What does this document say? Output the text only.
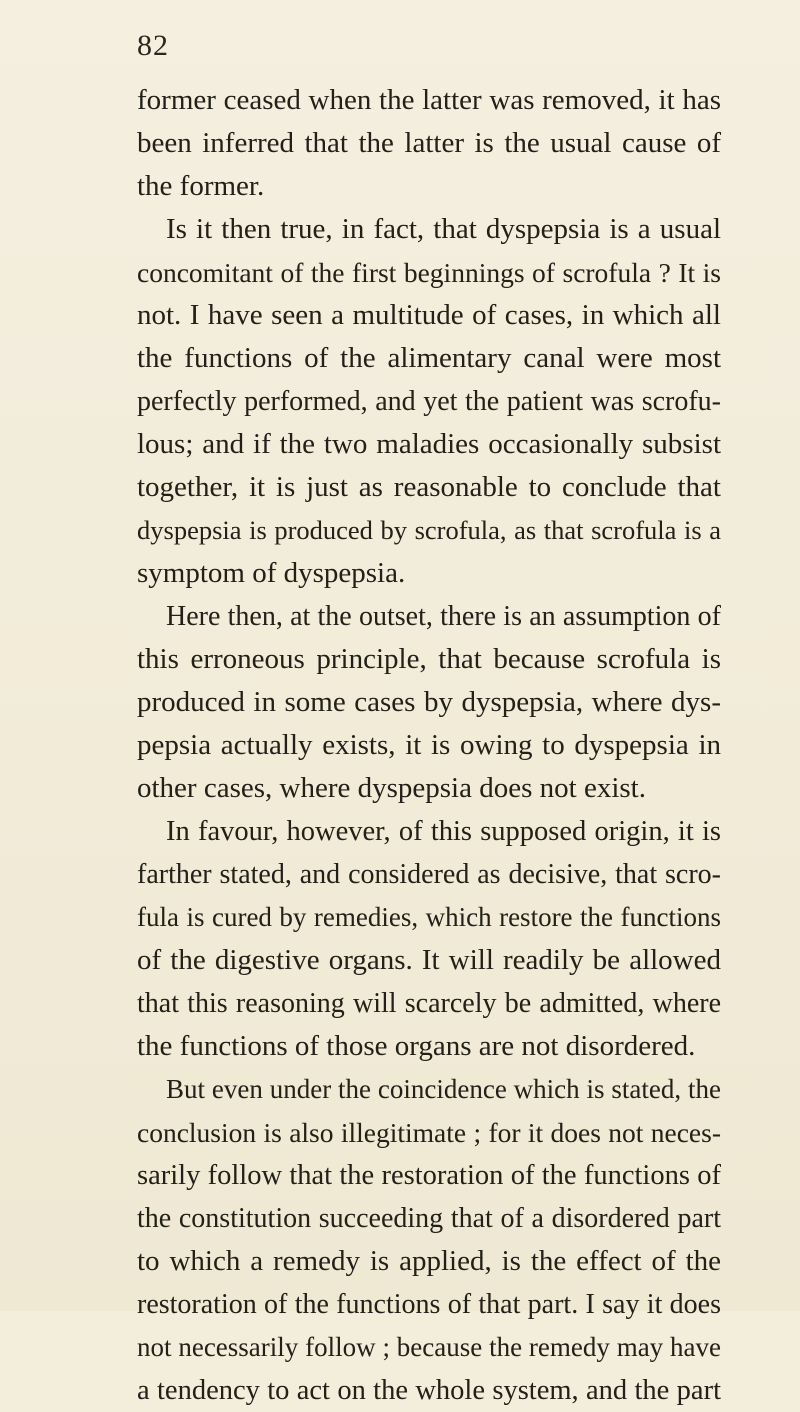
82
former ceased when the latter was removed, it has
been inferred that the latter is the usual cause of
the former.
Is it then true, in fact, that dyspepsia is a usual
concomitant of the first beginnings of scrofula ? It is
not. I have seen a multitude of cases, in which all
the functions of the alimentary canal were most
perfectly performed, and yet the patient was scrofu-
lous; and if the two maladies occasionally subsist
together, it is just as reasonable to conclude that
dyspepsia is produced by scrofula, as that scrofula is a
symptom of dyspepsia.
Here then, at the outset, there is an assumption of
this erroneous principle, that because scrofula is
produced in some cases by dyspepsia, where dys-
pepsia actually exists, it is owing to dyspepsia in
other cases, where dyspepsia does not exist.
In favour, however, of this supposed origin, it is
farther stated, and considered as decisive, that scro-
fula is cured by remedies, which restore the functions
of the digestive organs. It will readily be allowed
that this reasoning will scarcely be admitted, where
the functions of those organs are not disordered.
But even under the coincidence which is stated, the
conclusion is also illegitimate ; for it does not neces-
sarily follow that the restoration of the functions of
the constitution succeeding that of a disordered part
to which a remedy is applied, is the effect of the
restoration of the functions of that part. I say it does
not necessarily follow ; because the remedy may have
a tendency to act on the whole system, and the part
